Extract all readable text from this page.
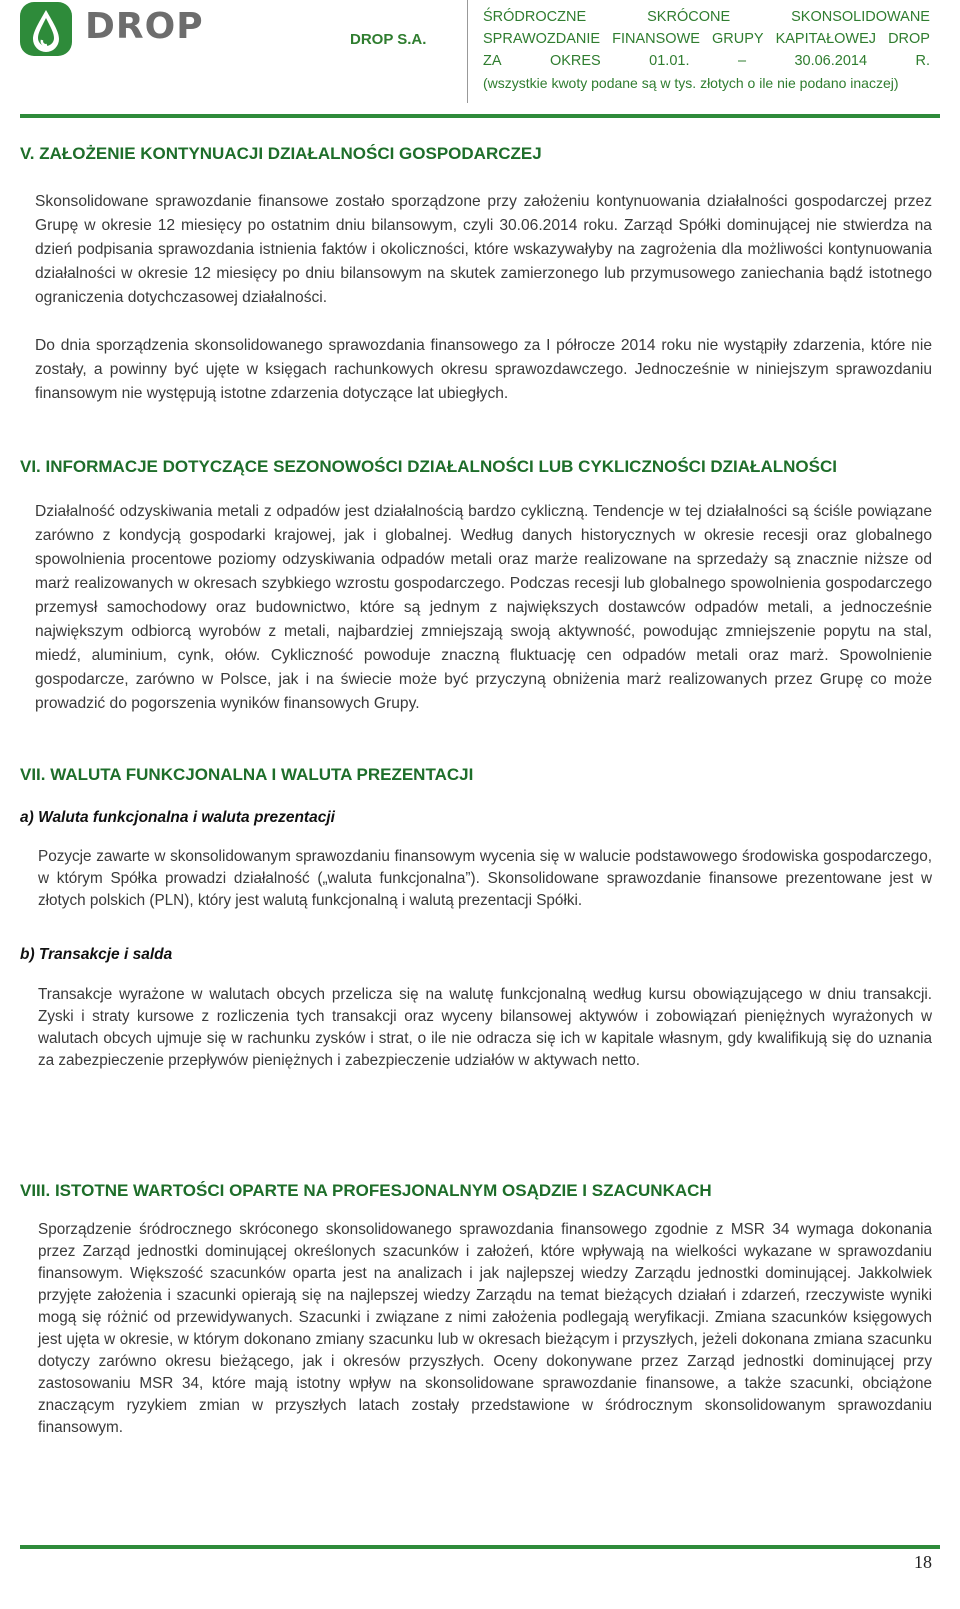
DROP	DROP S.A.
ŚRÓDROCZNE	SKRÓCONE	SKONSOLIDOWANE
SPRAWOZDANIE FINANSOWE GRUPY KAPITAŁOWEJ DROP
ZA	OKRES	01.01.	–	30.06.2014	R.
(wszystkie kwoty podane są w tys. złotych o ile nie podano inaczej)
V. ZAŁOŻENIE KONTYNUACJI DZIAŁALNOŚCI GOSPODARCZEJ

Skonsolidowane sprawozdanie finansowe zostało sporządzone przy założeniu kontynuowania działalności gospodarczej przez Grupę w okresie 12 miesięcy po ostatnim dniu bilansowym, czyli 30.06.2014 roku. Zarząd Spółki dominującej nie stwierdza na dzień podpisania sprawozdania istnienia faktów i okoliczności, które wskazywałyby na zagrożenia dla możliwości kontynuowania działalności w okresie 12 miesięcy po dniu bilansowym na skutek zamierzonego lub przymusowego zaniechania bądź istotnego ograniczenia dotychczasowej działalności.

Do dnia sporządzenia skonsolidowanego sprawozdania finansowego za I półrocze 2014 roku nie wystąpiły zdarzenia, które nie zostały, a powinny być ujęte w księgach rachunkowych okresu sprawozdawczego. Jednocześnie w niniejszym sprawozdaniu finansowym nie występują istotne zdarzenia dotyczące lat ubiegłych.

VI. INFORMACJE DOTYCZĄCE SEZONOWOŚCI DZIAŁALNOŚCI LUB CYKLICZNOŚCI DZIAŁALNOŚCI

Działalność odzyskiwania metali z odpadów jest działalnością bardzo cykliczną. Tendencje w tej działalności są ściśle powiązane zarówno z kondycją gospodarki krajowej, jak i globalnej. Według danych historycznych w okresie recesji oraz globalnego spowolnienia procentowe poziomy odzyskiwania odpadów metali oraz marże realizowane na sprzedaży są znacznie niższe od marż realizowanych w okresach szybkiego wzrostu gospodarczego. Podczas recesji lub globalnego spowolnienia gospodarczego przemysł samochodowy oraz budownictwo, które są jednym z największych dostawców odpadów metali, a jednocześnie największym odbiorcą wyrobów z metali, najbardziej zmniejszają swoją aktywność, powodując zmniejszenie popytu na stal, miedź, aluminium, cynk, ołów. Cykliczność powoduje znaczną fluktuację cen odpadów metali oraz marż. Spowolnienie gospodarcze, zarówno w Polsce, jak i na świecie może być przyczyną obniżenia marż realizowanych przez Grupę co może prowadzić do pogorszenia wyników finansowych Grupy.

VII. WALUTA FUNKCJONALNA I WALUTA PREZENTACJI
a) Waluta funkcjonalna i waluta prezentacji

Pozycje zawarte w skonsolidowanym sprawozdaniu finansowym wycenia się w walucie podstawowego środowiska gospodarczego, w którym Spółka prowadzi działalność („waluta funkcjonalna”). Skonsolidowane sprawozdanie finansowe prezentowane jest w złotych polskich (PLN), który jest walutą funkcjonalną i walutą prezentacji Spółki.

b) Transakcje i salda

Transakcje wyrażone w walutach obcych przelicza się na walutę funkcjonalną według kursu obowiązującego w dniu transakcji. Zyski i straty kursowe z rozliczenia tych transakcji oraz wyceny bilansowej aktywów i zobowiązań pieniężnych wyrażonych w walutach obcych ujmuje się w rachunku zysków i strat, o ile nie odracza się ich w kapitale własnym, gdy kwalifikują się do uznania za zabezpieczenie przepływów pieniężnych i zabezpieczenie udziałów w aktywach netto.

VIII. ISTOTNE WARTOŚCI OPARTE NA PROFESJONALNYM OSĄDZIE I SZACUNKACH

Sporządzenie śródrocznego skróconego skonsolidowanego sprawozdania finansowego zgodnie z MSR 34 wymaga dokonania przez Zarząd jednostki dominującej określonych szacunków i założeń, które wpływają na wielkości wykazane w sprawozdaniu finansowym. Większość szacunków oparta jest na analizach i jak najlepszej wiedzy Zarządu jednostki dominującej. Jakkolwiek przyjęte założenia i szacunki opierają się na najlepszej wiedzy Zarządu na temat bieżących działań i zdarzeń, rzeczywiste wyniki mogą się różnić od przewidywanych. Szacunki i związane z nimi założenia podlegają weryfikacji. Zmiana szacunków księgowych jest ujęta w okresie, w którym dokonano zmiany szacunku lub w okresach bieżącym i przyszłych, jeżeli dokonana zmiana szacunku dotyczy zarówno okresu bieżącego, jak i okresów przyszłych. Oceny dokonywane przez Zarząd jednostki dominującej przy zastosowaniu MSR 34, które mają istotny wpływ na skonsolidowane sprawozdanie finansowe, a także szacunki, obciążone znaczącym ryzykiem zmian w przyszłych latach zostały przedstawione w śródrocznym skonsolidowanym sprawozdaniu finansowym.

18
